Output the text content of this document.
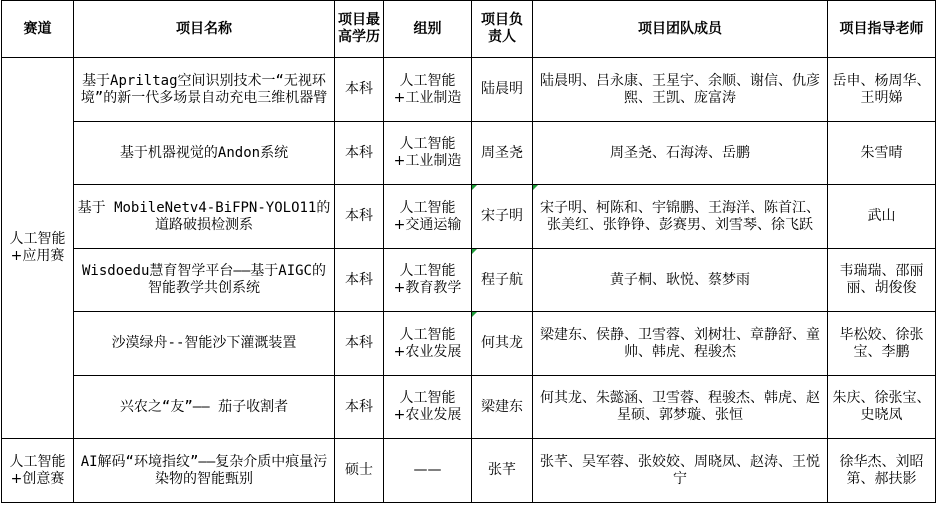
赛道	项目名称	项目最高学历	组别	项目负责人	项目团队成员	项目指导老师
人工智能+应用赛	基于Apriltag空间识别技术一“无视环境”的新一代多场景自动充电三维机器臂	本科	人工智能+工业制造	陆晨明	陆晨明、吕永康、王星宇、余顺、谢信、仇彦熙、王凯、庞富涛	岳申、杨周华、王明娣
	基于机器视觉的Andon系统	本科	人工智能+工业制造	周圣尧	周圣尧、石海涛、岳鹏	朱雪晴
	基于 MobileNetv4-BiFPN-YOLO11的道路破损检测系	本科	人工智能+交通运输	宋子明	宋子明、柯陈和、宇锦鹏、王海洋、陈首江、张美红、张铮铮、彭赛男、刘雪琴、徐飞跃	武山
	Wisdoedu慧育智学平台——基于AIGC的智能教学共创系统	本科	人工智能+教育教学	程子航	黄子桐、耿悦、蔡梦雨	韦瑞瑞、邵丽丽、胡俊俊
	沙漠绿舟--智能沙下灌溉装置	本科	人工智能+农业发展	何其龙	梁建东、侯静、卫雪蓉、刘树壮、章静舒、童帅、韩虎、程骏杰	毕松姣、徐张宝、李鹏
	兴农之“友”—— 茄子收割者	本科	人工智能+农业发展	梁建东	何其龙、朱懿涵、卫雪蓉、程骏杰、韩虎、赵星硕、郭梦璇、张恒	朱庆、徐张宝、史晓凤
人工智能+创意赛	AI解码“环境指纹”——复杂介质中痕量污染物的智能甄别	硕士	——	张芊	张芊、吴军蓉、张姣姣、周晓凤、赵涛、王悦宁	徐华杰、刘昭第、郝扶影
